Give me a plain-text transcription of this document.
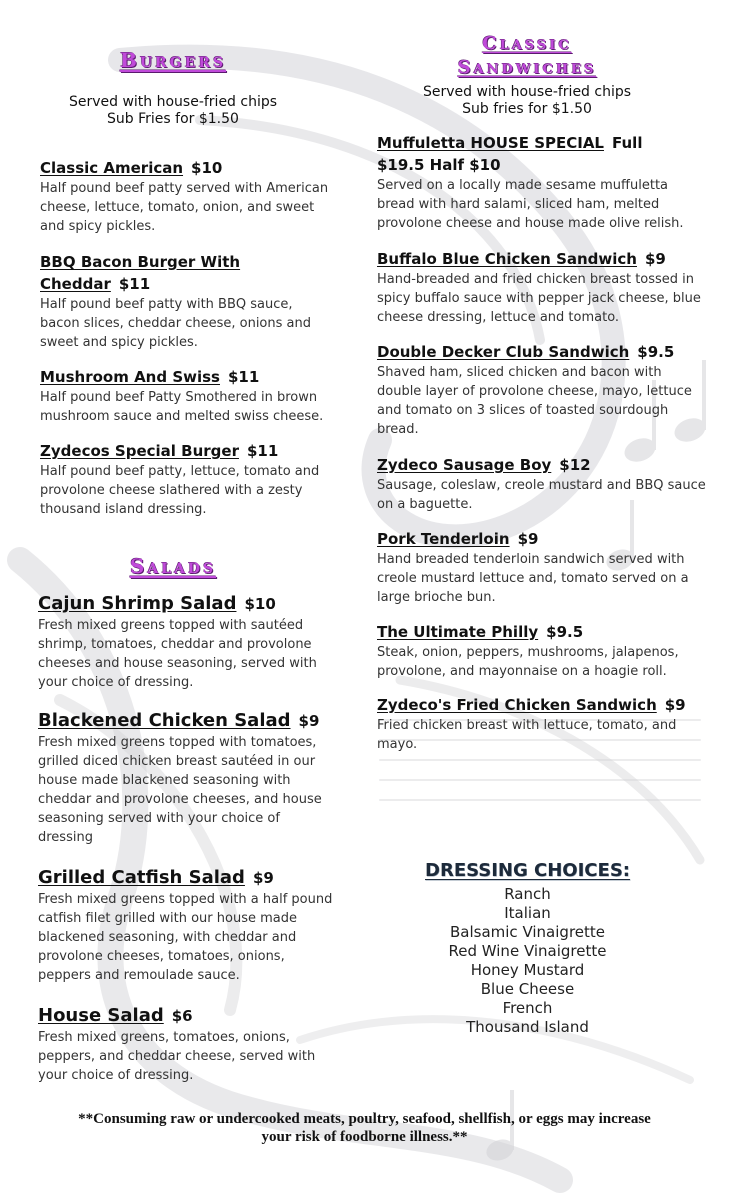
Burgers

Served with house-fried chips

Sub Fries for $1.50

Classic American $10
Half pound beef patty served with American cheese, lettuce, tomato, onion, and sweet and spicy pickles.
BBQ Bacon Burger With Cheddar $11
Half pound beef patty with BBQ sauce, bacon slices, cheddar cheese, onions and sweet and spicy pickles.
Mushroom And Swiss $11
Half pound beef Patty Smothered in brown mushroom sauce and melted swiss cheese.
Zydecos Special Burger $11
Half pound beef patty, lettuce, tomato and provolone cheese slathered with a zesty thousand island dressing.
Salads
Cajun Shrimp Salad $10
Fresh mixed greens topped with sautéed shrimp, tomatoes, cheddar and provolone cheeses and house seasoning, served with your choice of dressing.
Blackened Chicken Salad $9
Fresh mixed greens topped with tomatoes, grilled diced chicken breast sautéed in our house made blackened seasoning with cheddar and provolone cheeses, and house seasoning served with your choice of dressing
Grilled Catfish Salad $9
Fresh mixed greens topped with a half pound catfish filet grilled with our house made blackened seasoning, with cheddar and provolone cheeses, tomatoes, onions, peppers and remoulade sauce.
House Salad $6
Fresh mixed greens, tomatoes, onions, peppers, and cheddar cheese, served with your choice of dressing.
Classic
Sandwiches

Served with house-fried chips

Sub fries for $1.50

Muffuletta HOUSE SPECIAL Full $19.5 Half $10
Served on a locally made sesame muffuletta bread with hard salami, sliced ham, melted provolone cheese and house made olive relish.
Buffalo Blue Chicken Sandwich $9
Hand-breaded and fried chicken breast tossed in spicy buffalo sauce with pepper jack cheese, blue cheese dressing, lettuce and tomato.
Double Decker Club Sandwich $9.5
Shaved ham, sliced chicken and bacon with double layer of provolone cheese, mayo, lettuce and tomato on 3 slices of toasted sourdough bread.
Zydeco Sausage Boy $12
Sausage, coleslaw, creole mustard and BBQ sauce on a baguette.
Pork Tenderloin $9
Hand breaded tenderloin sandwich served with creole mustard lettuce and, tomato served on a large brioche bun.
The Ultimate Philly $9.5
Steak, onion, peppers, mushrooms, jalapenos, provolone, and mayonnaise on a hoagie roll.
Zydeco's Fried Chicken Sandwich $9
Fried chicken breast with lettuce, tomato, and mayo.
DRESSING CHOICES:
Ranch
Italian
Balsamic Vinaigrette
Red Wine Vinaigrette
Honey Mustard
Blue Cheese
French
Thousand Island
**Consuming raw or undercooked meats, poultry, seafood, shellfish, or eggs may increase
your risk of foodborne illness.**
